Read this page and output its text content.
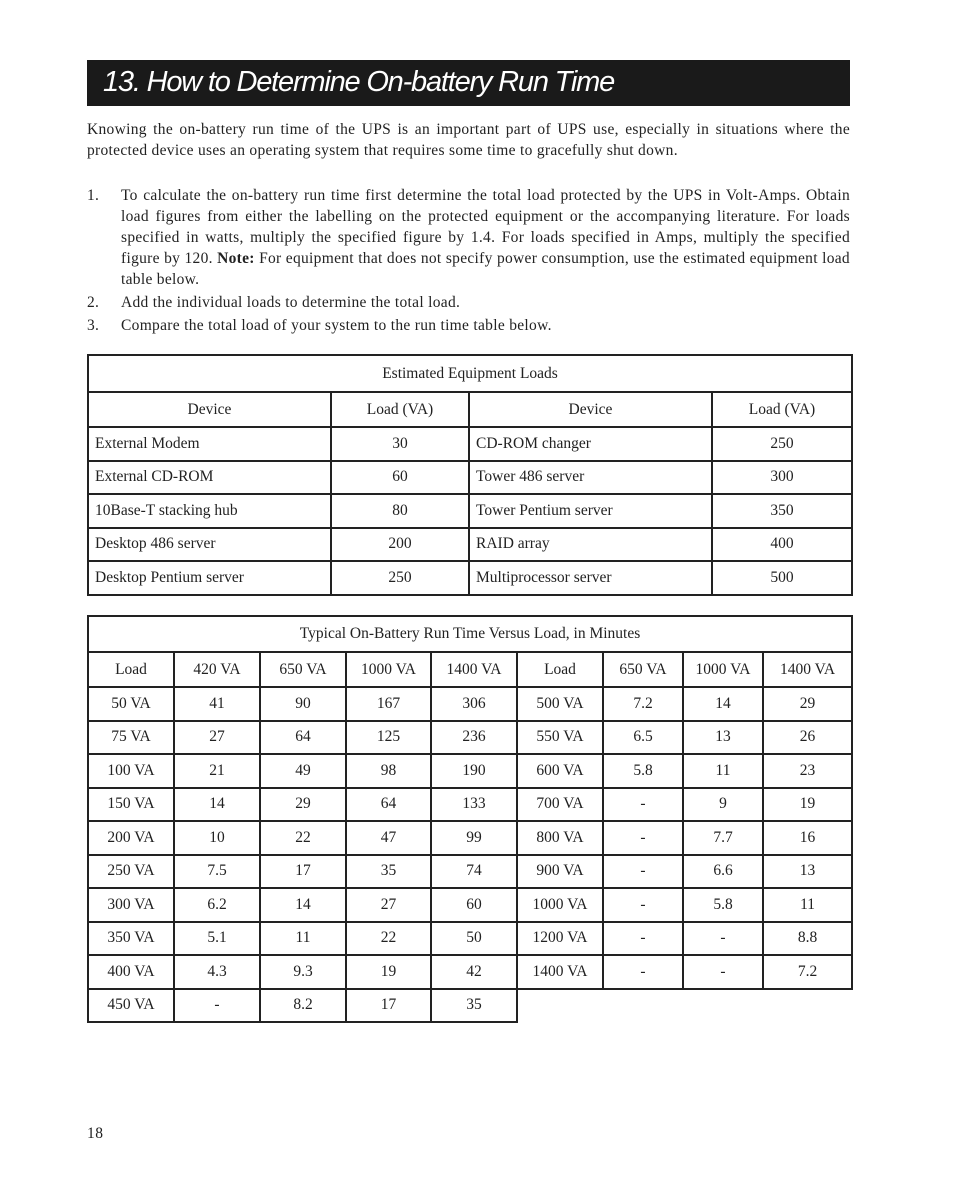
13. How to Determine On-battery Run Time

Knowing the on-battery run time of the UPS is an important part of UPS use, especially in situations where the protected device uses an operating system that requires some time to gracefully shut down.

1. To calculate the on-battery run time first determine the total load protected by the UPS in Volt-Amps. Obtain load figures from either the labelling on the protected equipment or the accompanying literature. For loads specified in watts, multiply the specified figure by 1.4. For loads specified in Amps, multiply the specified figure by 120. Note: For equipment that does not specify power consumption, use the estimated equipment load table below.
2. Add the individual loads to determine the total load.
3. Compare the total load of your system to the run time table below.
Estimated Equipment Loads			
Device	Load (VA)	Device	Load (VA)
External Modem	30	CD-ROM changer	250
External CD-ROM	60	Tower 486 server	300
10Base-T stacking hub	80	Tower Pentium server	350
Desktop 486 server	200	RAID array	400
Desktop Pentium server	250	Multiprocessor server	500
Typical On-Battery Run Time Versus Load, in Minutes								
Load	420 VA	650 VA	1000 VA	1400 VA	Load	650 VA	1000 VA	1400 VA
50 VA	41	90	167	306	500 VA	7.2	14	29
75 VA	27	64	125	236	550 VA	6.5	13	26
100 VA	21	49	98	190	600 VA	5.8	11	23
150 VA	14	29	64	133	700 VA	-	9	19
200 VA	10	22	47	99	800 VA	-	7.7	16
250 VA	7.5	17	35	74	900 VA	-	6.6	13
300 VA	6.2	14	27	60	1000 VA	-	5.8	11
350 VA	5.1	11	22	50	1200 VA	-	-	8.8
400 VA	4.3	9.3	19	42	1400 VA	-	-	7.2
450 VA	-	8.2	17	35				
18
